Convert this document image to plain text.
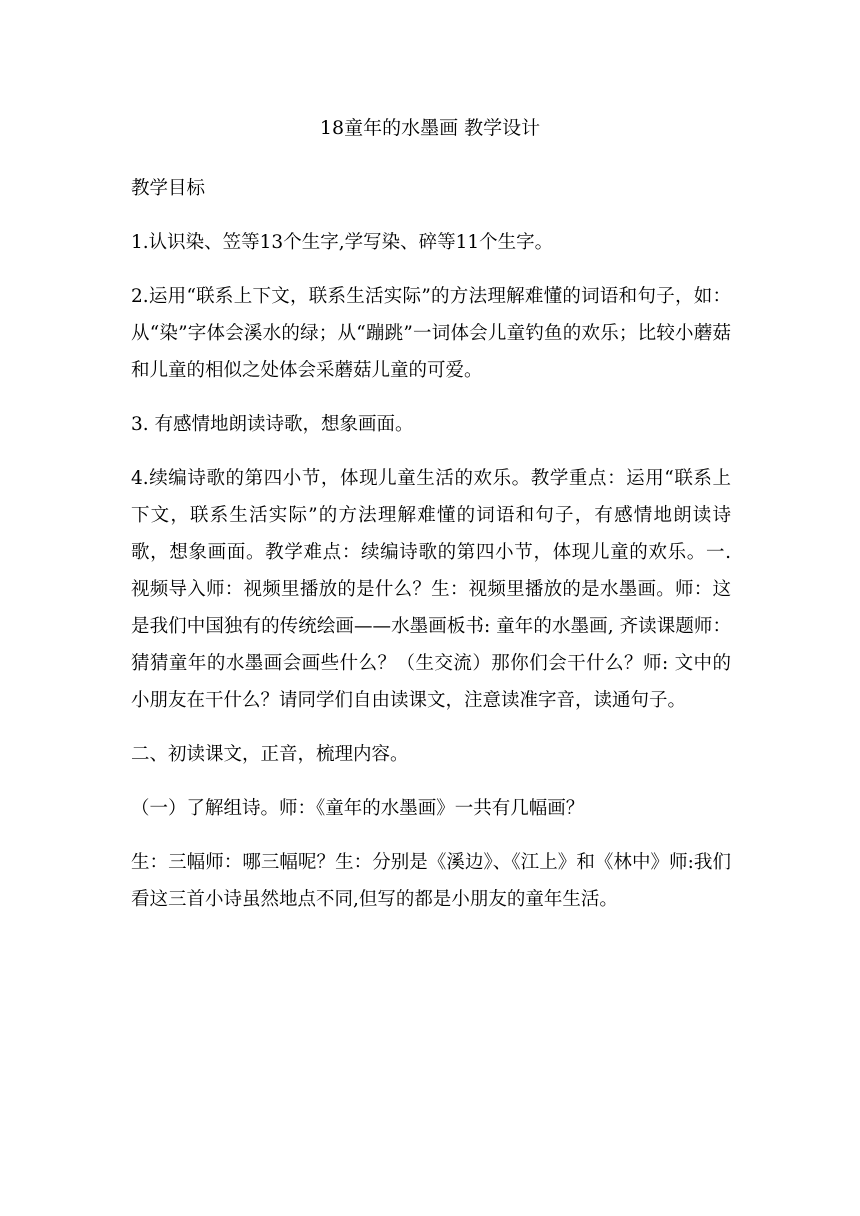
18童年的水墨画 教学设计

教学目标

1.认识染、笠等13个生字,学写染、碎等11个生字。

2.运用“联系上下文，联系生活实际”的方法理解难懂的词语和句子，如：从“染”字体会溪水的绿；从“蹦跳”一词体会儿童钓鱼的欢乐；比较小蘑菇和儿童的相似之处体会采蘑菇儿童的可爱。

3. 有感情地朗读诗歌，想象画面。

4.续编诗歌的第四小节，体现儿童生活的欢乐。教学重点：运用“联系上下文，联系生活实际”的方法理解难懂的词语和句子，有感情地朗读诗歌，想象画面。教学难点：续编诗歌的第四小节，体现儿童的欢乐。一. 视频导入师：视频里播放的是什么？生：视频里播放的是水墨画。师：这是我们中国独有的传统绘画——水墨画板书: 童年的水墨画, 齐读课题师：猜猜童年的水墨画会画些什么？（生交流）那你们会干什么？师: 文中的小朋友在干什么？请同学们自由读课文，注意读准字音，读通句子。

二、初读课文，正音，梳理内容。

（一）了解组诗。师：《童年的水墨画》一共有几幅画？

生：三幅师：哪三幅呢？生：分别是《溪边》、《江上》和《林中》师:我们看这三首小诗虽然地点不同,但写的都是小朋友的童年生活。
